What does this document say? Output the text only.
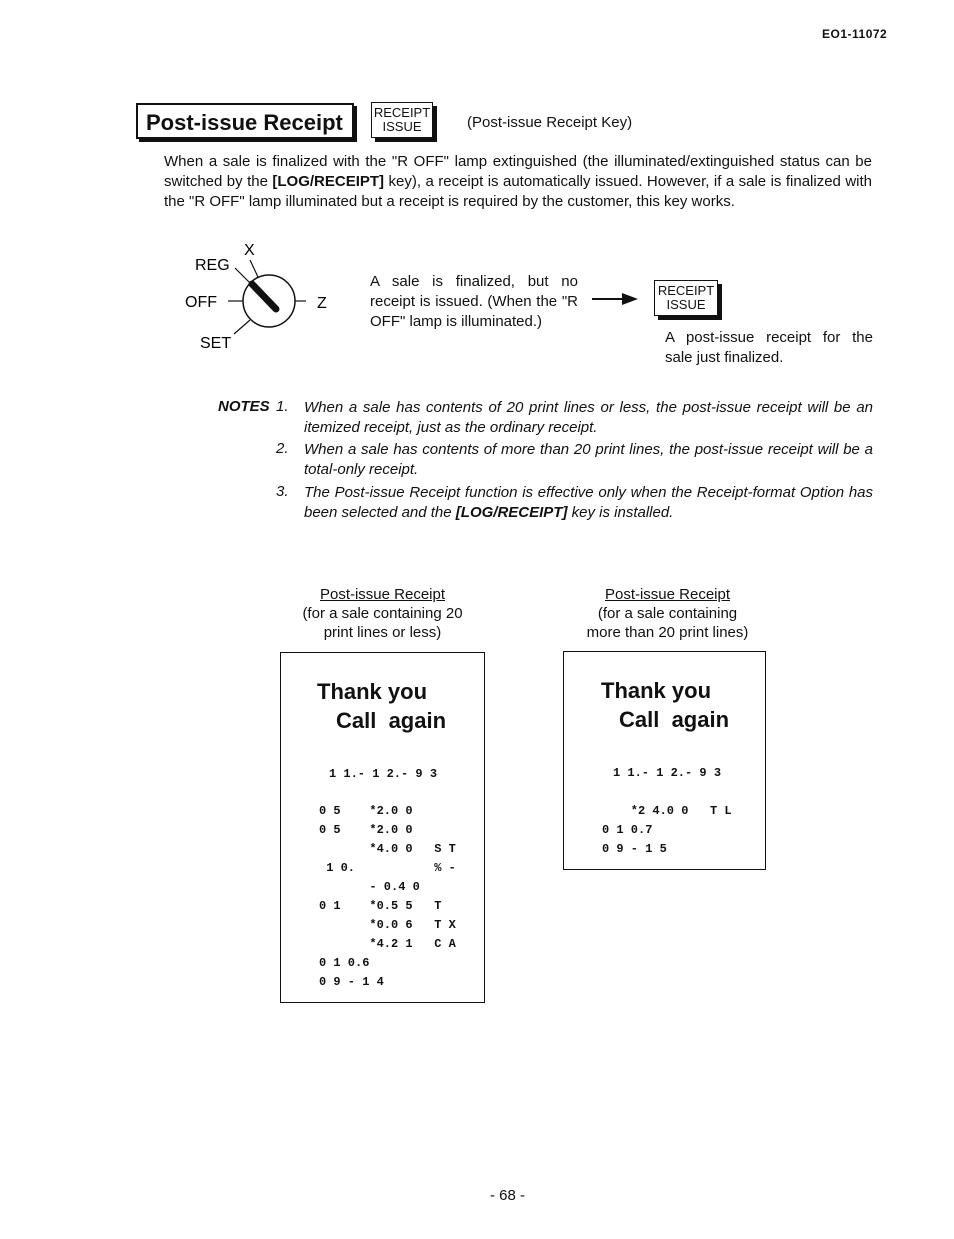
EO1-11072
Post-issue Receipt	RECEIPT
ISSUE	(Post-issue Receipt Key)
When a sale is finalized with the "R OFF" lamp extinguished (the illuminated/extinguished status can be switched by the [LOG/RECEIPT] key), a receipt is automatically issued. However, if a sale is finalized with the "R OFF" lamp illuminated but a receipt is required by the customer, this key works.
X
REG
OFF	Z
SET
A sale is finalized, but no receipt is issued. (When the "R OFF" lamp is illuminated.)
RECEIPT
ISSUE
A post-issue receipt for the sale just finalized.
NOTES 1. When a sale has contents of 20 print lines or less, the post-issue receipt will be an itemized receipt, just as the ordinary receipt.
2. When a sale has contents of more than 20 print lines, the post-issue receipt will be a total-only receipt.
3. The Post-issue Receipt function is effective only when the Receipt-format Option has been selected and the [LOG/RECEIPT] key is installed.
Post-issue Receipt
(for a sale containing 20
print lines or less)
Post-issue Receipt
(for a sale containing
more than 20 print lines)
Thank you
Call  again
1 1.- 1 2.- 9 3
0 5    *2.0 0
0 5    *2.0 0
*4.0 0   S T
1 0.           % -
- 0.4 0
0 1    *0.5 5   T
*0.0 6   T X
*4.2 1   C A
0 1 0.6
0 9 - 1 4
Thank you
Call  again
1 1.- 1 2.- 9 3
*2 4.0 0   T L
0 1 0.7
0 9 - 1 5
- 68 -
